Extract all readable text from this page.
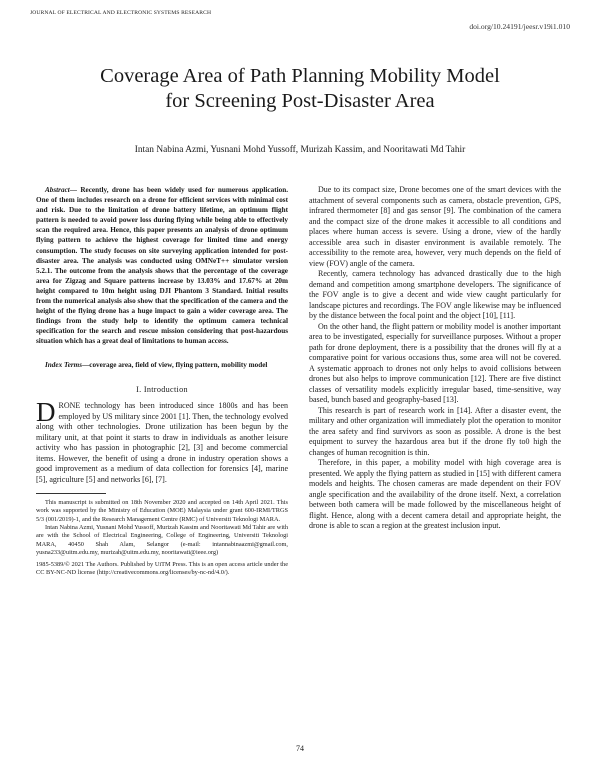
JOURNAL OF ELECTRICAL AND ELECTRONIC SYSTEMS RESEARCH
doi.org/10.24191/jeesr.v19i1.010
Coverage Area of Path Planning Mobility Model
for Screening Post-Disaster Area
Intan Nabina Azmi, Yusnani Mohd Yussoff, Murizah Kassim, and Nooritawati Md Tahir

Abstract— Recently, drone has been widely used for numerous application. One of them includes research on a drone for efficient services with minimal cost and risk. Due to the limitation of drone battery lifetime, an optimum flight pattern is needed to avoid power loss during flying while being able to effectively scan the required area. Hence, this paper presents an analysis of drone optimum flying pattern to achieve the highest coverage for limited time and energy consumption. The study focuses on site surveying application intended for post-disaster area. The analysis was conducted using OMNeT++ simulator version 5.2.1. The outcome from the analysis shows that the percentage of the coverage area for Zigzag and Square patterns increase by 13.03% and 17.67% at 20m height compared to 10m height using DJI Phantom 3 Standard. Initial results from the numerical analysis also show that the specification of the camera and the height of the flying drone has a huge impact to gain a wider coverage area. The findings from the study help to identify the optimum camera technical specification for the search and rescue mission considering that post-hazardous situation which has a great deal of limitations to human access.

Index Terms—coverage area, field of view, flying pattern, mobility model

I. Introduction

DRONE technology has been introduced since 1800s and has been employed by US military since 2001 [1]. Then, the technology evolved along with other technologies. Drone utilization has been begun by the military unit, at that point it starts to draw in individuals as another leisure activity who has passion in photographic [2], [3] and become commercial items. However, the benefit of using a drone in industry operation shows a good improvement as a medium of data collection for forensics [4], marine [5], agriculture [5] and networks [6], [7].

This manuscript is submitted on 18th November 2020 and accepted on 14th April 2021. This work was supported by the Ministry of Education (MOE) Malaysia under grant 600-IRMI/TRGS 5/3 (001/2019)-1, and the Research Management Centre (RMC) of Universiti Teknologi MARA.

Intan Nabina Azmi, Yusnani Mohd Yussoff, Murizah Kassim and Nooritawati Md Tahir are with are with the School of Electrical Engineering, College of Engineering, Universiti Teknologi MARA, 40450 Shah Alam, Selangor (e-mail: intannabinaazmi@gmail.com, yusna233@uitm.edu.my, murizah@uitm.edu.my, nooritawati@ieee.org)

1985-5389/© 2021 The Authors. Published by UiTM Press. This is an open access article under the CC BY-NC-ND license (http://creativecommons.org/licenses/by-nc-nd/4.0/).

Due to its compact size, Drone becomes one of the smart devices with the attachment of several components such as camera, obstacle prevention, GPS, infrared thermometer [8] and gas sensor [9]. The combination of the camera and the compact size of the drone makes it accessible to all conditions and places where human access is severe. Using a drone, view of the hardly accessible area such in disaster environment is available remotely. The accessibility to the remote area, however, very much depends on the field of view (FOV) angle of the camera.

Recently, camera technology has advanced drastically due to the high demand and competition among smartphone developers. The significance of the FOV angle is to give a decent and wide view caught particularly for landscape pictures and recordings. The FOV angle likewise may be influenced by the distance between the focal point and the object [10], [11].

On the other hand, the flight pattern or mobility model is another important area to be investigated, especially for surveillance purposes. Without a proper path for drone deployment, there is a possibility that the drones will fly at a comparative point for various occasions thus, some area will not be covered. A systematic approach to drones not only helps to avoid collisions between drones but also helps to improve communication [12]. There are five distinct classes of versatility models explicitly irregular based, time-sensitive, way based, bunch based and geography-based [13].

This research is part of research work in [14]. After a disaster event, the military and other organization will immediately plot the operation to monitor the area safety and find survivors as soon as possible. A drone is the best equipment to survey the hazardous area but if the drone fly to0 high the changes of human recognition is thin.

Therefore, in this paper, a mobility model with high coverage area is presented. We apply the flying pattern as studied in [15] with different camera models and heights. The chosen cameras are made dependent on their FOV angle specification and the availability of the drone itself. Next, a correlation between both camera will be made followed by the miscellaneous height of flight. Hence, along with a decent camera detail and appropriate height, the drone is able to scan a region at the greatest inclusion input.

74
